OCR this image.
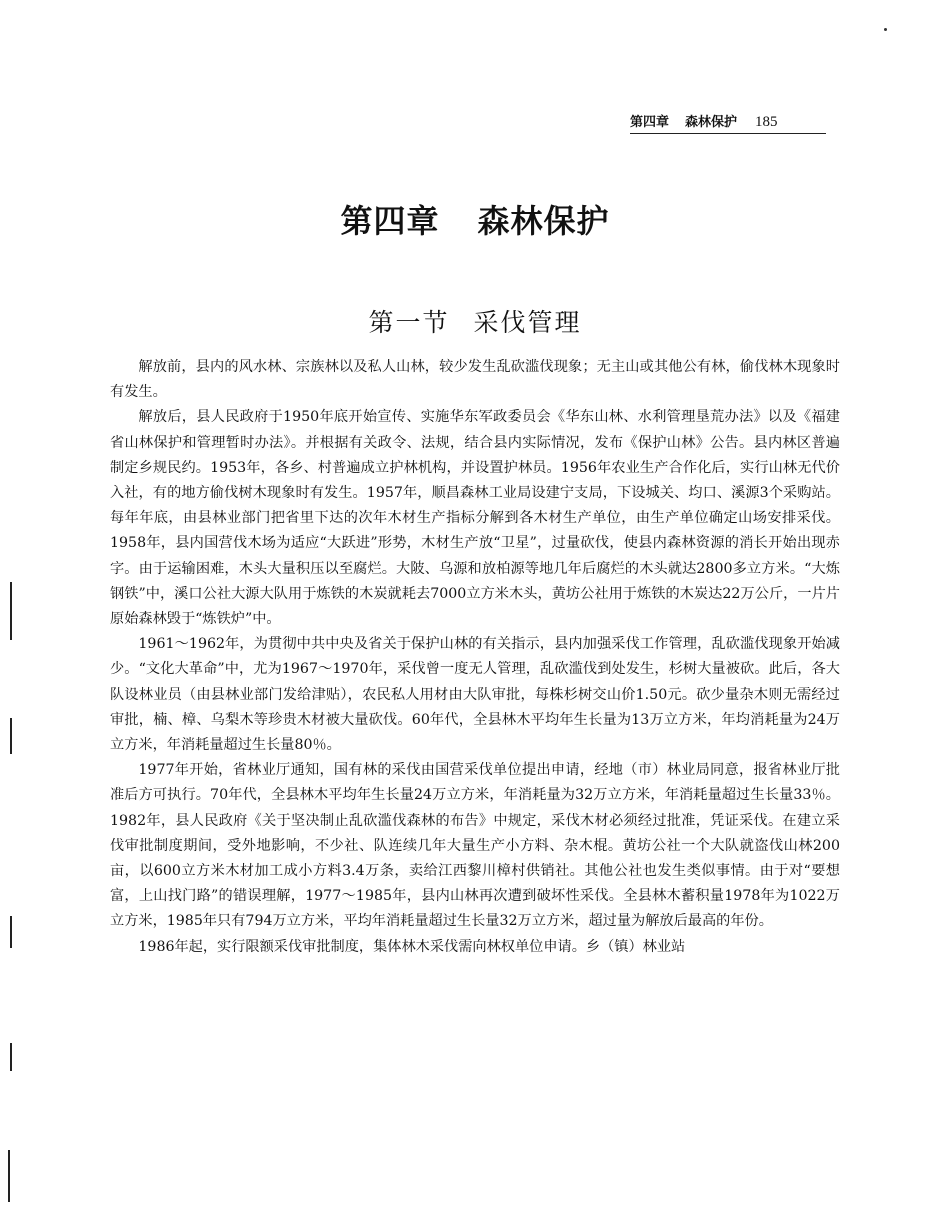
第四章 森林保护 185
第四章 森林保护
第一节 采伐管理

解放前，县内的风水林、宗族林以及私人山林，较少发生乱砍滥伐现象；无主山或其他公有林，偷伐林木现象时有发生。

解放后，县人民政府于1950年底开始宣传、实施华东军政委员会《华东山林、水利管理垦荒办法》以及《福建省山林保护和管理暂时办法》。并根据有关政令、法规，结合县内实际情况，发布《保护山林》公告。县内林区普遍制定乡规民约。1953年，各乡、村普遍成立护林机构，并设置护林员。1956年农业生产合作化后，实行山林无代价入社，有的地方偷伐树木现象时有发生。1957年，顺昌森林工业局设建宁支局，下设城关、均口、溪源3个采购站。每年年底，由县林业部门把省里下达的次年木材生产指标分解到各木材生产单位，由生产单位确定山场安排采伐。1958年，县内国营伐木场为适应“大跃进”形势，木材生产放“卫星”，过量砍伐，使县内森林资源的消长开始出现赤字。由于运输困难，木头大量积压以至腐烂。大陂、乌源和放柏源等地几年后腐烂的木头就达2800多立方米。“大炼钢铁”中，溪口公社大源大队用于炼铁的木炭就耗去7000立方米木头，黄坊公社用于炼铁的木炭达22万公斤，一片片原始森林毁于“炼铁炉”中。

1961～1962年，为贯彻中共中央及省关于保护山林的有关指示，县内加强采伐工作管理，乱砍滥伐现象开始减少。“文化大革命”中，尤为1967～1970年，采伐曾一度无人管理，乱砍滥伐到处发生，杉树大量被砍。此后，各大队设林业员（由县林业部门发给津贴），农民私人用材由大队审批，每株杉树交山价1.50元。砍少量杂木则无需经过审批，楠、樟、乌梨木等珍贵木材被大量砍伐。60年代，全县林木平均年生长量为13万立方米，年均消耗量为24万立方米，年消耗量超过生长量80％。

1977年开始，省林业厅通知，国有林的采伐由国营采伐单位提出申请，经地（市）林业局同意，报省林业厅批准后方可执行。70年代，全县林木平均年生长量24万立方米，年消耗量为32万立方米，年消耗量超过生长量33％。1982年，县人民政府《关于坚决制止乱砍滥伐森林的布告》中规定，采伐木材必须经过批准，凭证采伐。在建立采伐审批制度期间，受外地影响，不少社、队连续几年大量生产小方料、杂木棍。黄坊公社一个大队就盗伐山林200亩，以600立方米木材加工成小方料3.4万条，卖给江西黎川樟村供销社。其他公社也发生类似事情。由于对“要想富，上山找门路”的错误理解，1977～1985年，县内山林再次遭到破坏性采伐。全县林木蓄积量1978年为1022万立方米，1985年只有794万立方米，平均年消耗量超过生长量32万立方米，超过量为解放后最高的年份。

1986年起，实行限额采伐审批制度，集体林木采伐需向林权单位申请。乡（镇）林业站
